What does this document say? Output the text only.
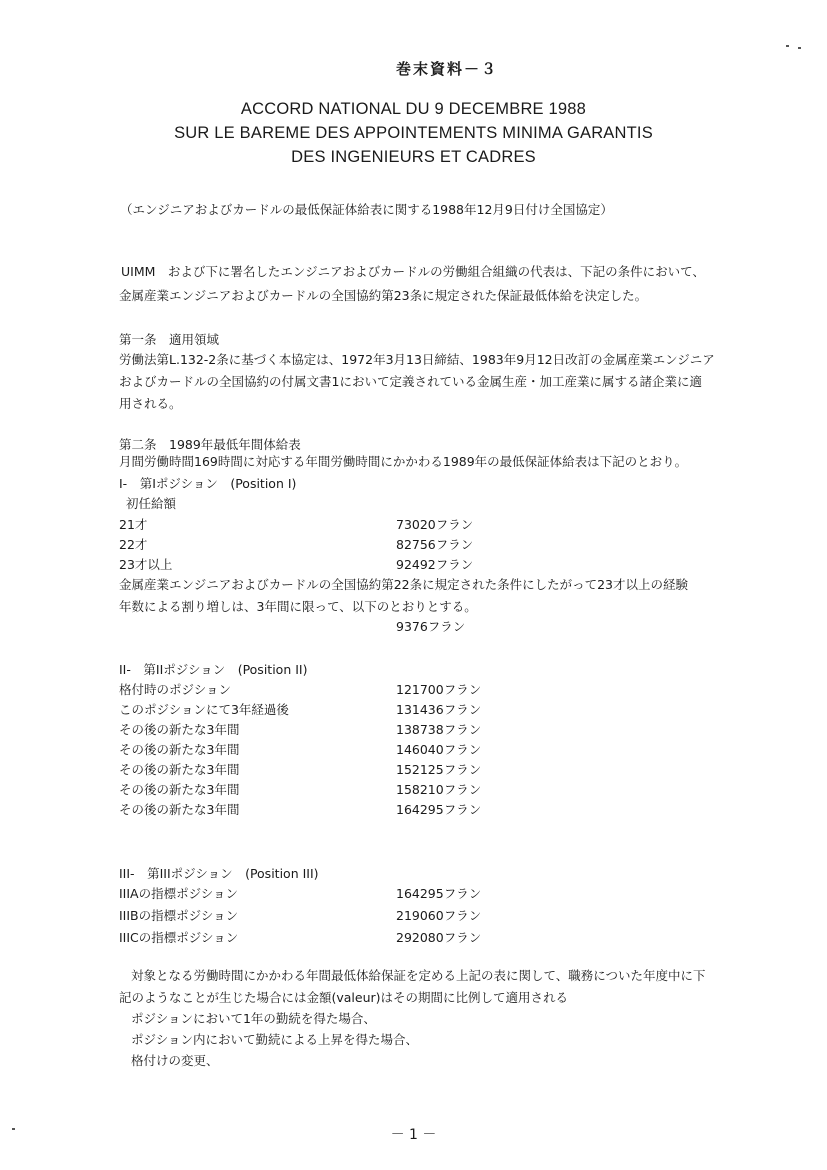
巻末資料－３
ACCORD NATIONAL DU 9 DECEMBRE 1988
SUR LE BAREME DES APPOINTEMENTS MINIMA GARANTIS
DES INGENIEURS ET CADRES
（エンジニアおよびカードルの最低保証体給表に関する1988年12月9日付け全国協定）
UIMM　および下に署名したエンジニアおよびカードルの労働組合組織の代表は、下記の条件において、
金属産業エンジニアおよびカードルの全国協約第23条に規定された保証最低体給を決定した。
第一条　適用領域
労働法第L.132-2条に基づく本協定は、1972年3月13日締結、1983年9月12日改訂の金属産業エンジニア
およびカードルの全国協約の付属文書1において定義されている金属生産・加工産業に属する諸企業に適
用される。
第二条　1989年最低年間体給表
月間労働時間169時間に対応する年間労働時間にかかわる1989年の最低保証体給表は下記のとおり。
I-　第Iポジション　(Position I)
初任給額
21才	73020フラン
22才	82756フラン
23才以上	92492フラン
金属産業エンジニアおよびカードルの全国協約第22条に規定された条件にしたがって23才以上の経験
年数による割り増しは、3年間に限って、以下のとおりとする。
9376フラン
II-　第IIポジション　(Position II)
格付時のポジション	121700フラン
このポジションにて3年経過後	131436フラン
その後の新たな3年間	138738フラン
その後の新たな3年間	146040フラン
その後の新たな3年間	152125フラン
その後の新たな3年間	158210フラン
その後の新たな3年間	164295フラン
III-　第IIIポジション　(Position III)
IIIAの指標ポジション	164295フラン
IIIBの指標ポジション	219060フラン
IIICの指標ポジション	292080フラン
対象となる労働時間にかかわる年間最低体給保証を定める上記の表に関して、職務についた年度中に下
記のようなことが生じた場合には金額(valeur)はその期間に比例して適用される
ポジションにおいて1年の勤続を得た場合、
ポジション内において勤続による上昇を得た場合、
格付けの変更、
－ 1 －
